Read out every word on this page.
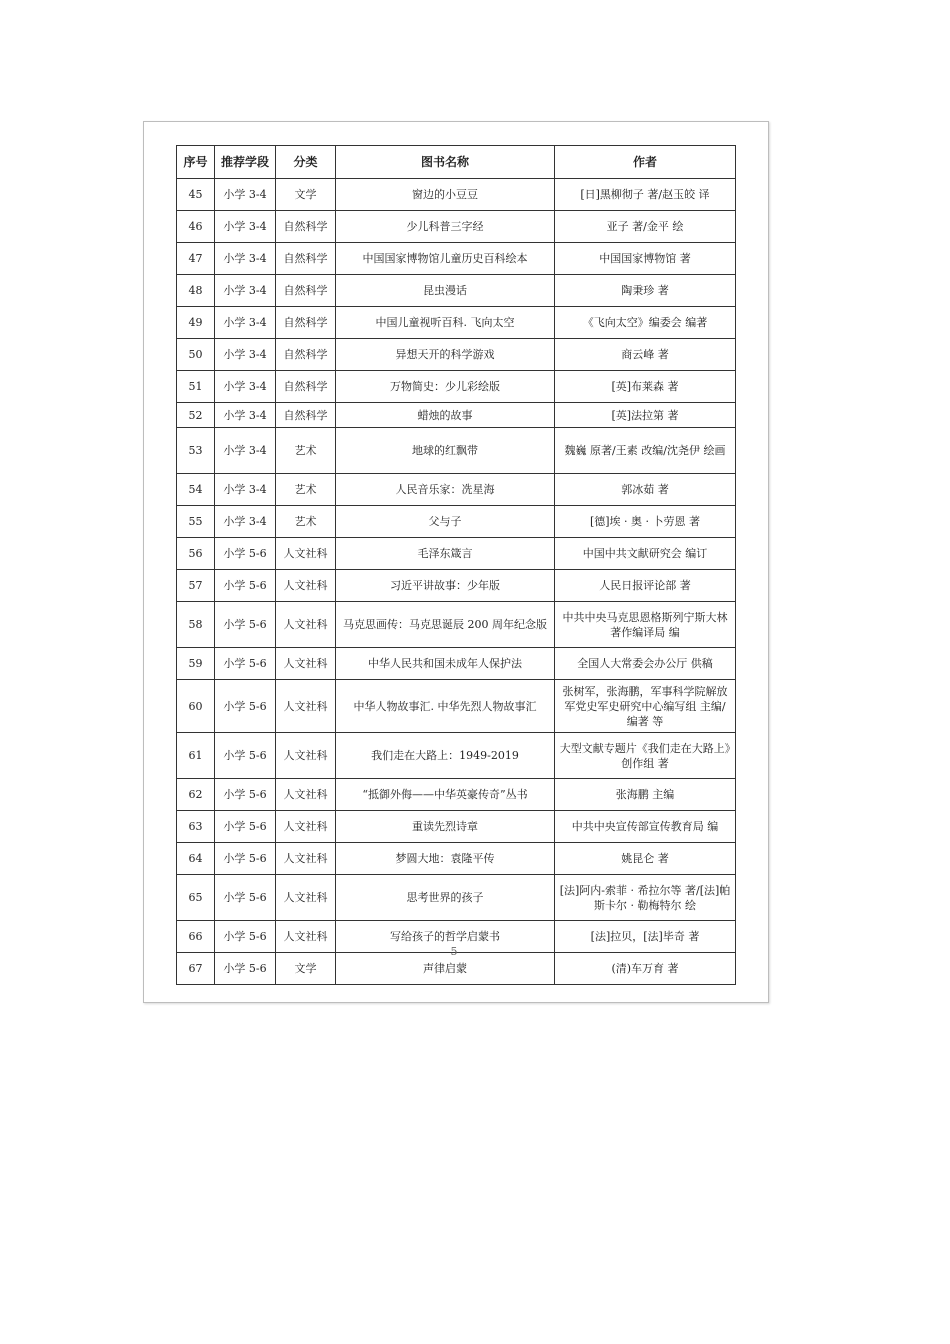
序号	推荐学段	分类	图书名称	作者
45	小学 3-4	文学	窗边的小豆豆	[日]黑柳彻子 著/赵玉皎 译
46	小学 3-4	自然科学	少儿科普三字经	亚子 著/金平 绘
47	小学 3-4	自然科学	中国国家博物馆儿童历史百科绘本	中国国家博物馆 著
48	小学 3-4	自然科学	昆虫漫话	陶秉珍 著
49	小学 3-4	自然科学	中国儿童视听百科. 飞向太空	《飞向太空》编委会 编著
50	小学 3-4	自然科学	异想天开的科学游戏	商云峰 著
51	小学 3-4	自然科学	万物简史：少儿彩绘版	[英]布莱森 著
52	小学 3-4	自然科学	蜡烛的故事	[英]法拉第 著
53	小学 3-4	艺术	地球的红飘带	魏巍 原著/王素 改编/沈尧伊 绘画
54	小学 3-4	艺术	人民音乐家：冼星海	郭冰茹 著
55	小学 3-4	艺术	父与子	[德]埃 · 奥 · 卜劳恩 著
56	小学 5-6	人文社科	毛泽东箴言	中国中共文献研究会 编订
57	小学 5-6	人文社科	习近平讲故事：少年版	人民日报评论部 著
58	小学 5-6	人文社科	马克思画传：马克思诞辰 200 周年纪念版	中共中央马克思恩格斯列宁斯大林著作编译局 编
59	小学 5-6	人文社科	中华人民共和国未成年人保护法	全国人大常委会办公厅 供稿
60	小学 5-6	人文社科	中华人物故事汇. 中华先烈人物故事汇	张树军，张海鹏，军事科学院解放军党史军史研究中心编写组 主编/编著 等
61	小学 5-6	人文社科	我们走在大路上：1949-2019	大型文献专题片《我们走在大路上》创作组 著
62	小学 5-6	人文社科	“抵御外侮——中华英豪传奇”丛书	张海鹏 主编
63	小学 5-6	人文社科	重读先烈诗章	中共中央宣传部宣传教育局 编
64	小学 5-6	人文社科	梦圆大地：袁隆平传	姚昆仑 著
65	小学 5-6	人文社科	思考世界的孩子	[法]阿内-索菲 · 希拉尔等 著/[法]帕斯卡尔 · 勒梅特尔 绘
66	小学 5-6	人文社科	写给孩子的哲学启蒙书	[法]拉贝，[法]毕奇 著
67	小学 5-6	文学	声律启蒙	(清)车万育 著
5
